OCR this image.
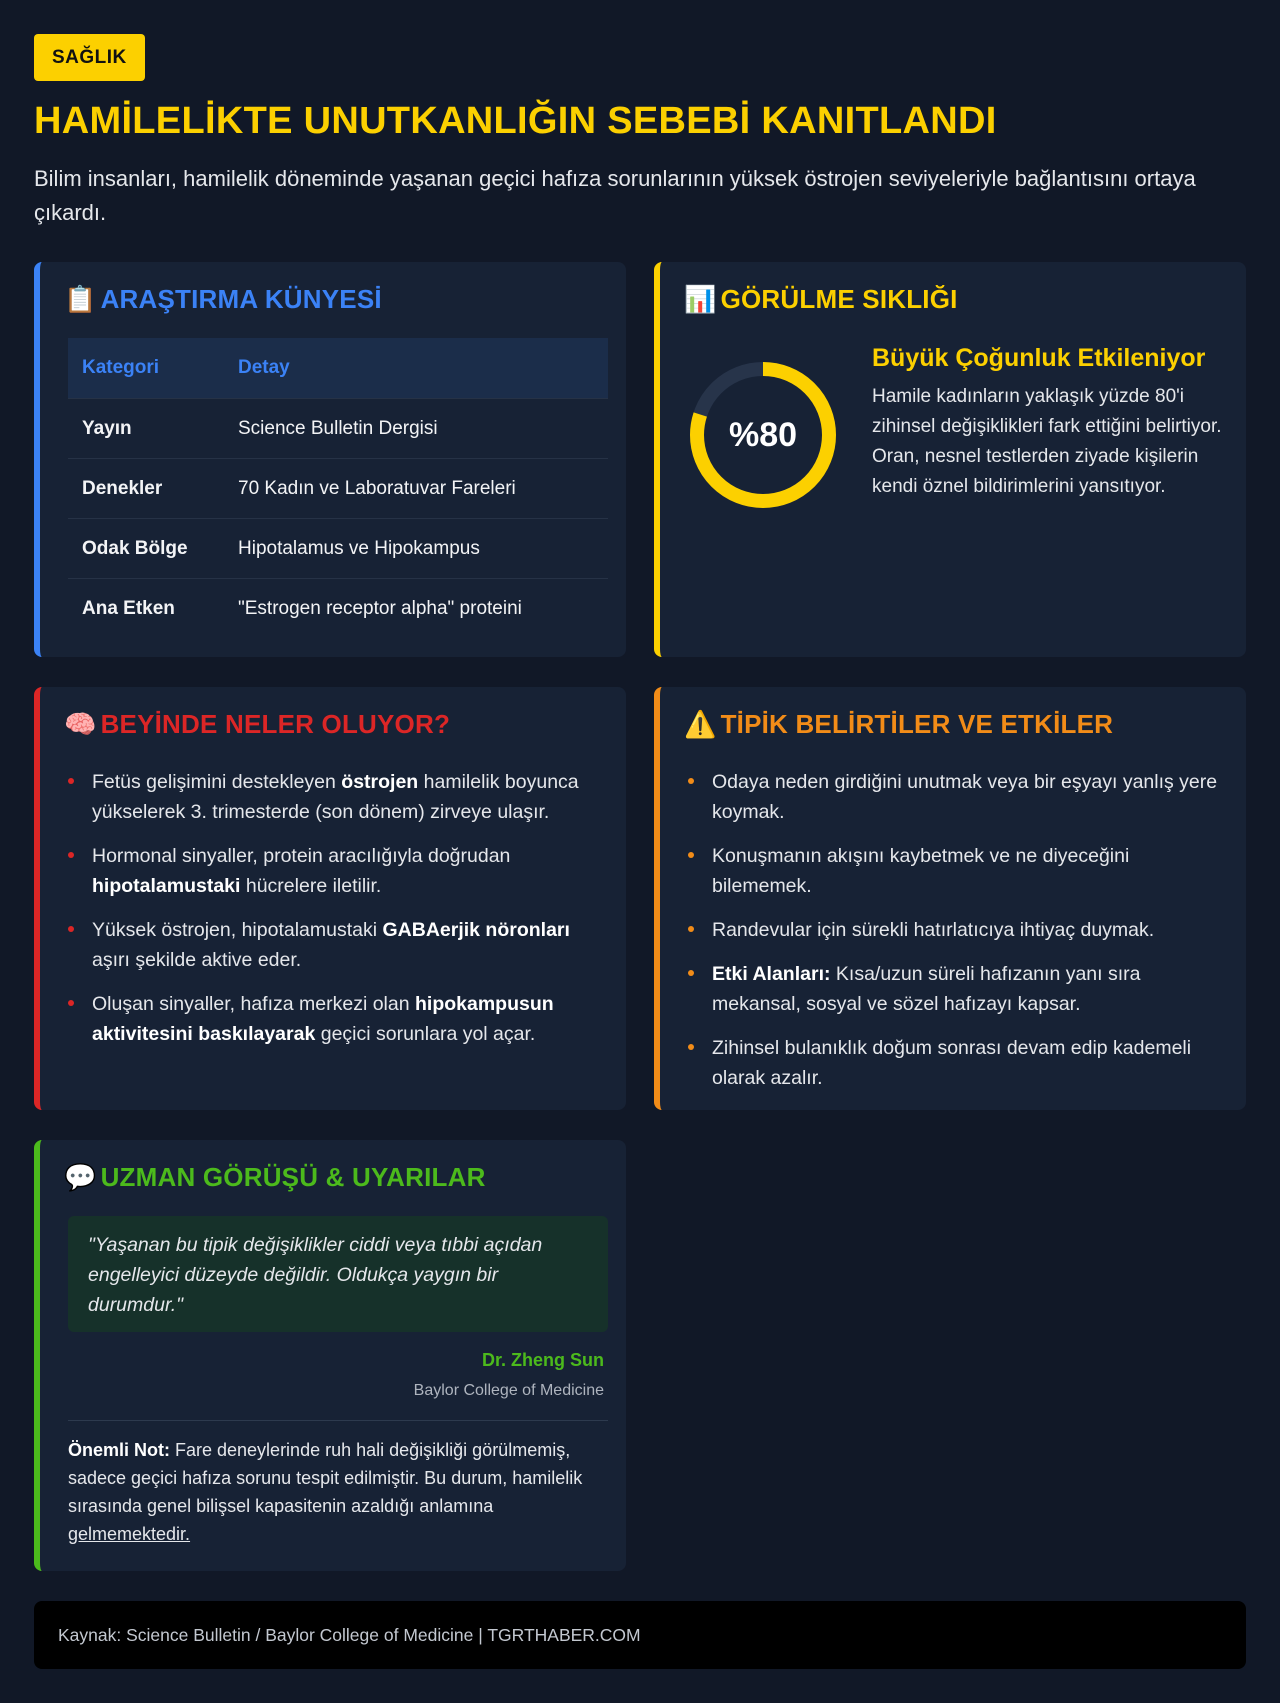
SAĞLIK
HAMİLELİKTE UNUTKANLIĞIN SEBEBİ KANITLANDI

Bilim insanları, hamilelik döneminde yaşanan geçici hafıza sorunlarının yüksek östrojen seviyeleriyle bağlantısını ortaya çıkardı.

📋 ARAŞTIRMA KÜNYESİ
Kategori	Detay
Yayın	Science Bulletin Dergisi
Denekler	70 Kadın ve Laboratuvar Fareleri
Odak Bölge	Hipotalamus ve Hipokampus
Ana Etken	"Estrogen receptor alpha" proteini
📊 GÖRÜLME SIKLIĞI
%80
Büyük Çoğunluk Etkileniyor

Hamile kadınların yaklaşık yüzde 80'i zihinsel değişiklikleri fark ettiğini belirtiyor. Oran, nesnel testlerden ziyade kişilerin kendi öznel bildirimlerini yansıtıyor.

🧠 BEYİNDE NELER OLUYOR?
Fetüs gelişimini destekleyen östrojen hamilelik boyunca yükselerek 3. trimesterde (son dönem) zirveye ulaşır.
Hormonal sinyaller, protein aracılığıyla doğrudan hipotalamustaki hücrelere iletilir.
Yüksek östrojen, hipotalamustaki GABAerjik nöronları aşırı şekilde aktive eder.
Oluşan sinyaller, hafıza merkezi olan hipokampusun aktivitesini baskılayarak geçici sorunlara yol açar.
⚠️ TİPİK BELİRTİLER VE ETKİLER
Odaya neden girdiğini unutmak veya bir eşyayı yanlış yere koymak.
Konuşmanın akışını kaybetmek ve ne diyeceğini bilememek.
Randevular için sürekli hatırlatıcıya ihtiyaç duymak.
Etki Alanları: Kısa/uzun süreli hafızanın yanı sıra mekansal, sosyal ve sözel hafızayı kapsar.
Zihinsel bulanıklık doğum sonrası devam edip kademeli olarak azalır.
💬 UZMAN GÖRÜŞÜ & UYARILAR
"Yaşanan bu tipik değişiklikler ciddi veya tıbbi açıdan engelleyici düzeyde değildir. Oldukça yaygın bir durumdur."

Dr. Zheng Sun

Baylor College of Medicine

Önemli Not: Fare deneylerinde ruh hali değişikliği görülmemiş, sadece geçici hafıza sorunu tespit edilmiştir. Bu durum, hamilelik sırasında genel bilişsel kapasitenin azaldığı anlamına gelmemektedir.

Kaynak: Science Bulletin / Baylor College of Medicine | TGRTHABER.COM
